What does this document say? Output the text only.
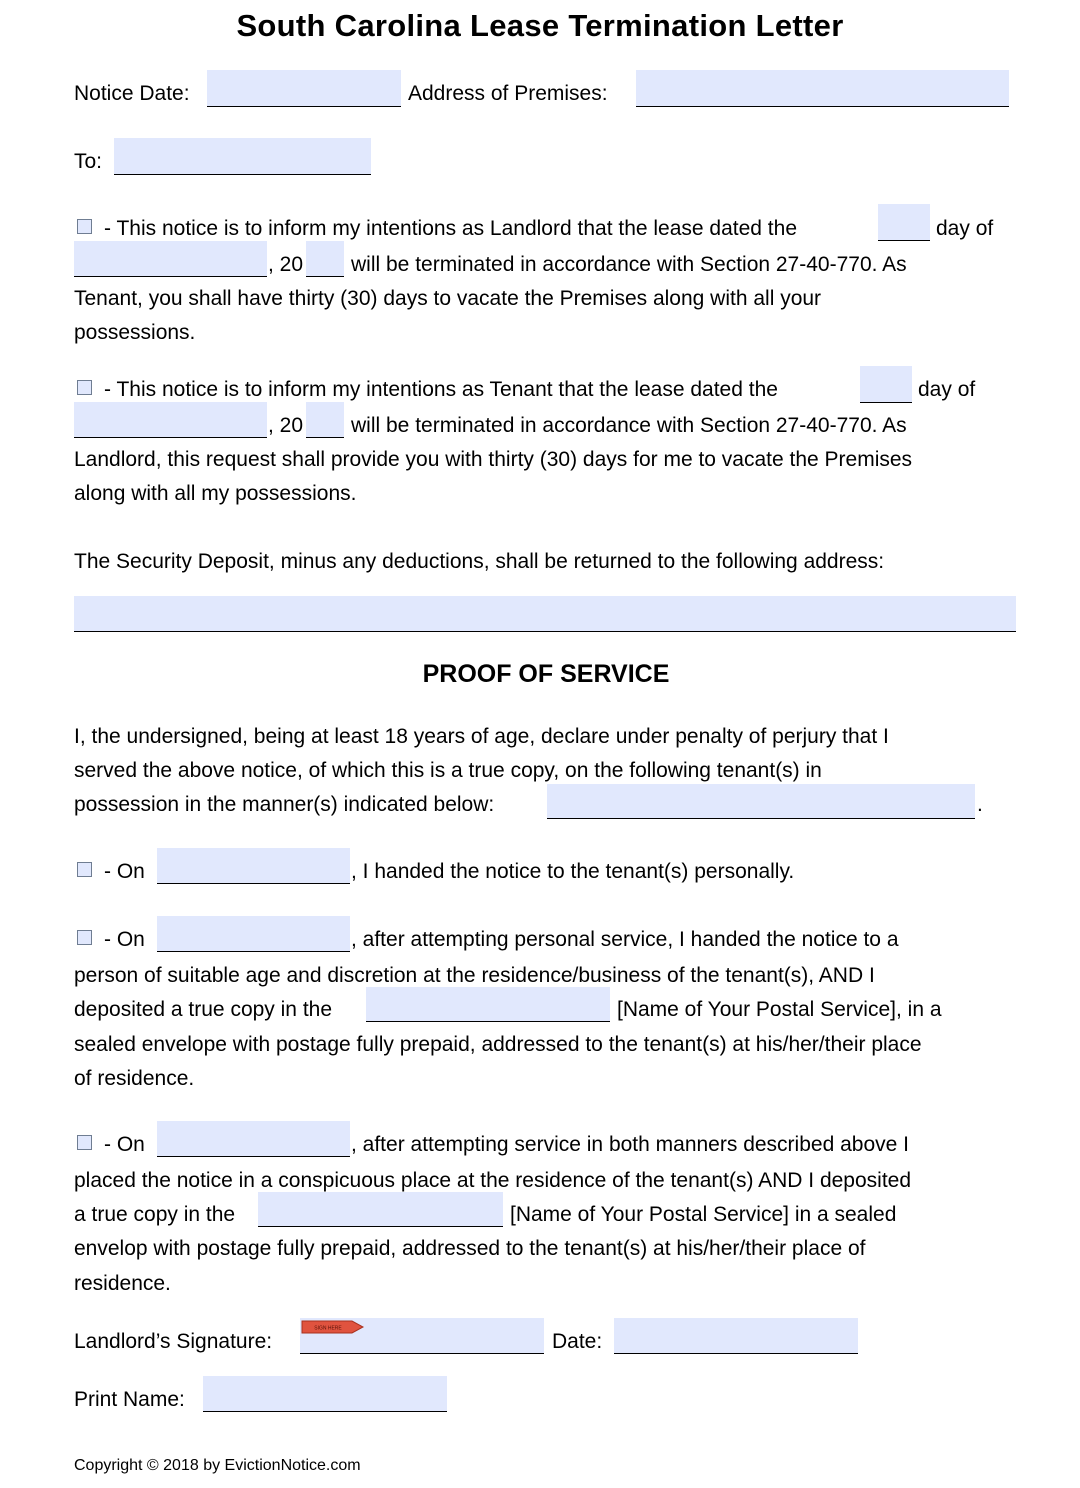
South Carolina Lease Termination Letter
Notice Date:	Address of Premises:
To:
- This notice is to inform my intentions as Landlord that the lease dated the	day of
, 20 will be terminated in accordance with Section 27-40-770. As
Tenant, you shall have thirty (30) days to vacate the Premises along with all your
possessions.
- This notice is to inform my intentions as Tenant that the lease dated the	day of
, 20 will be terminated in accordance with Section 27-40-770. As
Landlord, this request shall provide you with thirty (30) days for me to vacate the Premises
along with all my possessions.
The Security Deposit, minus any deductions, shall be returned to the following address:
PROOF OF SERVICE
I, the undersigned, being at least 18 years of age, declare under penalty of perjury that I
served the above notice, of which this is a true copy, on the following tenant(s) in
possession in the manner(s) indicated below:	.
- On	, I handed the notice to the tenant(s) personally.
- On	, after attempting personal service, I handed the notice to a
person of suitable age and discretion at the residence/business of the tenant(s), AND I
deposited a true copy in the	[Name of Your Postal Service], in a
sealed envelope with postage fully prepaid, addressed to the tenant(s) at his/her/their place
of residence.
- On	, after attempting service in both manners described above I
placed the notice in a conspicuous place at the residence of the tenant(s) AND I deposited
a true copy in the	[Name of Your Postal Service] in a sealed
envelop with postage fully prepaid, addressed to the tenant(s) at his/her/their place of
residence.
Landlord’s Signature:
SIGN HERE
Date:
Print Name:
Copyright © 2018 by EvictionNotice.com
